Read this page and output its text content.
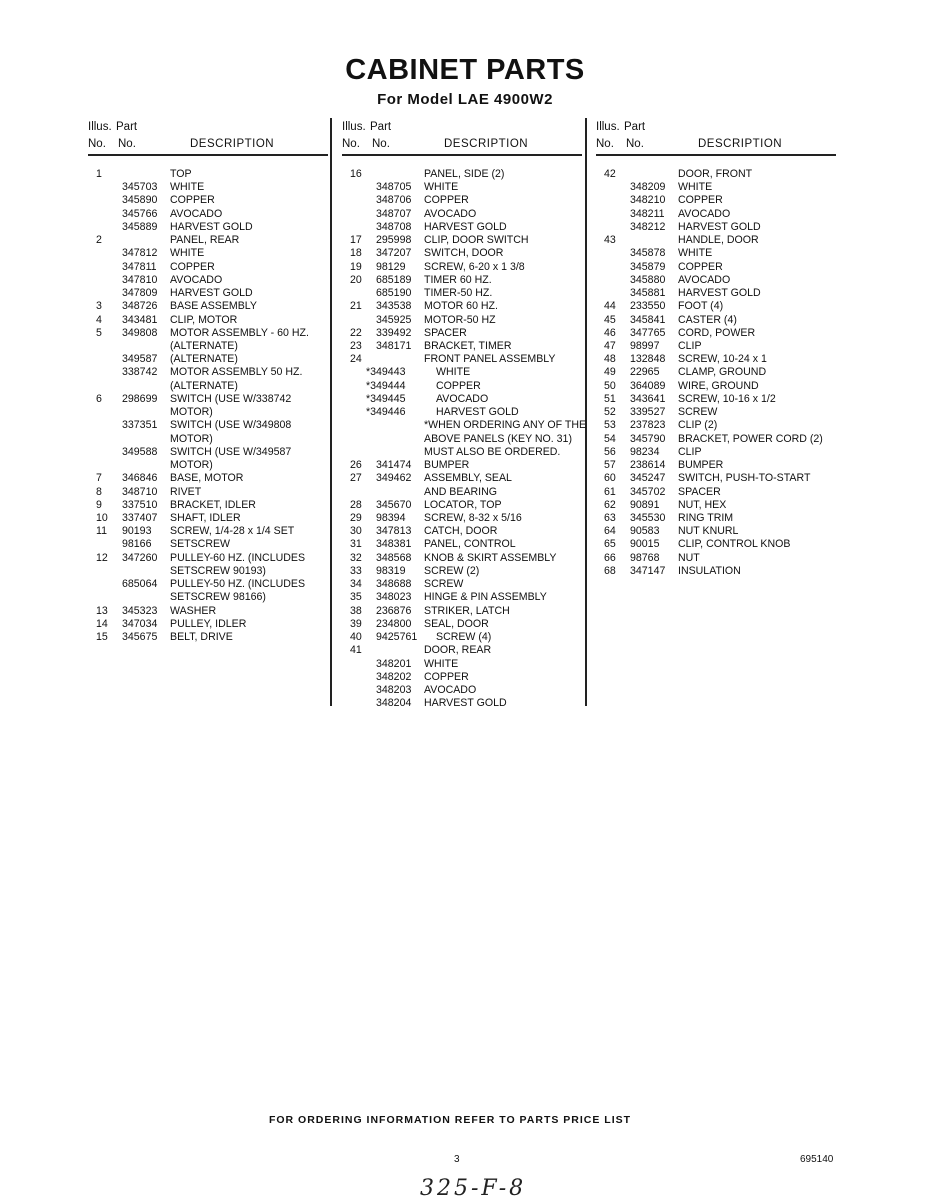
CABINET PARTS
For Model LAE 4900W2
Illus. Part
No. No.	DESCRIPTION
1	TOP
345703 WHITE
345890 COPPER
345766 AVOCADO
345889 HARVEST GOLD
2	PANEL, REAR
347812 WHITE
347811 COPPER
347810 AVOCADO
347809 HARVEST GOLD
3 348726 BASE ASSEMBLY
4 343481 CLIP, MOTOR
5 349808 MOTOR ASSEMBLY - 60 HZ.
(ALTERNATE)
349587 (ALTERNATE)
338742 MOTOR ASSEMBLY 50 HZ.
(ALTERNATE)
6 298699 SWITCH (USE W/338742
MOTOR)
337351 SWITCH (USE W/349808
MOTOR)
349588 SWITCH (USE W/349587
MOTOR)
7 346846 BASE, MOTOR
8 348710 RIVET
9 337510 BRACKET, IDLER
10 337407 SHAFT, IDLER
11 90193 SCREW, 1/4-28 x 1/4 SET
98166 SETSCREW
12 347260 PULLEY-60 HZ. (INCLUDES
SETSCREW 90193)
685064 PULLEY-50 HZ. (INCLUDES
SETSCREW 98166)
13 345323 WASHER
14 347034 PULLEY, IDLER
15 345675 BELT, DRIVE
Illus. Part
No. No.	DESCRIPTION
16	PANEL, SIDE (2)
348705 WHITE
348706 COPPER
348707 AVOCADO
348708 HARVEST GOLD
17 295998 CLIP, DOOR SWITCH
18 347207 SWITCH, DOOR
19 98129 SCREW, 6-20 x 1 3/8
20 685189 TIMER 60 HZ.
685190 TIMER-50 HZ.
21 343538 MOTOR 60 HZ.
345925 MOTOR-50 HZ
22 339492 SPACER
23 348171 BRACKET, TIMER
24	FRONT PANEL ASSEMBLY
*349443	WHITE
*349444	COPPER
*349445	AVOCADO
*349446	HARVEST GOLD
*WHEN ORDERING ANY OF THE
ABOVE PANELS (KEY NO. 31)
MUST ALSO BE ORDERED.
26 341474 BUMPER
27 349462 ASSEMBLY, SEAL
AND BEARING
28 345670 LOCATOR, TOP
29 98394 SCREW, 8-32 x 5/16
30 347813 CATCH, DOOR
31 348381 PANEL, CONTROL
32 348568 KNOB & SKIRT ASSEMBLY
33 98319 SCREW (2)
34 348688 SCREW
35 348023 HINGE & PIN ASSEMBLY
38 236876 STRIKER, LATCH
39 234800 SEAL, DOOR
40 9425761 SCREW (4)
41	DOOR, REAR
348201 WHITE
348202 COPPER
348203 AVOCADO
348204 HARVEST GOLD
Illus. Part
No. No.	DESCRIPTION
42	DOOR, FRONT
348209 WHITE
348210 COPPER
348211 AVOCADO
348212 HARVEST GOLD
43	HANDLE, DOOR
345878 WHITE
345879 COPPER
345880 AVOCADO
345881 HARVEST GOLD
44 233550 FOOT (4)
45 345841 CASTER (4)
46 347765 CORD, POWER
47 98997 CLIP
48 132848 SCREW, 10-24 x 1
49 22965 CLAMP, GROUND
50 364089 WIRE, GROUND
51 343641 SCREW, 10-16 x 1/2
52 339527 SCREW
53 237823 CLIP (2)
54 345790 BRACKET, POWER CORD (2)
56 98234 CLIP
57 238614 BUMPER
60 345247 SWITCH, PUSH-TO-START
61 345702 SPACER
62 90891 NUT, HEX
63 345530 RING TRIM
64 90583 NUT KNURL
65 90015 CLIP, CONTROL KNOB
66 98768 NUT
68 347147 INSULATION
FOR ORDERING INFORMATION REFER TO PARTS PRICE LIST
3	695140
325-F-8
